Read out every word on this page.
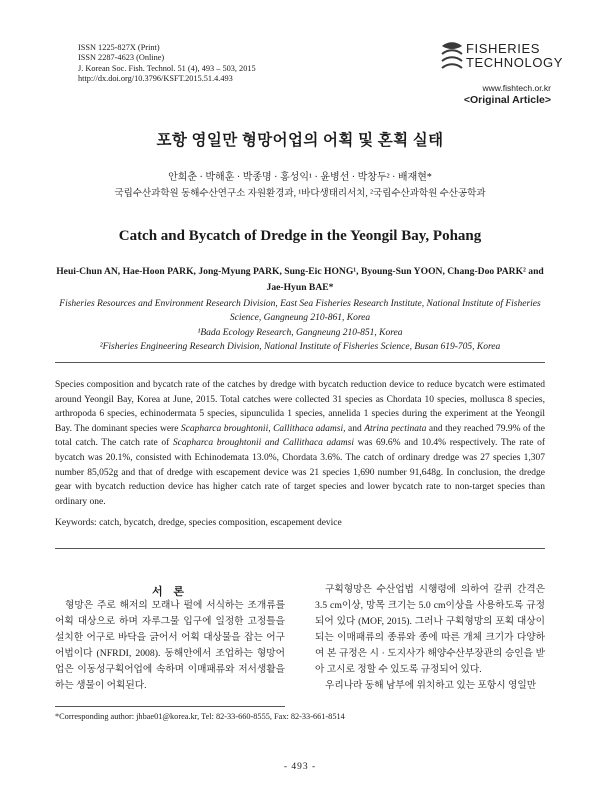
ISSN 1225-827X (Print)
ISSN 2287-4623 (Online)
J. Korean Soc. Fish. Technol. 51 (4), 493 – 503, 2015
http://dx.doi.org/10.3796/KSFT.2015.51.4.493
FISHERIES
TECHNOLOGY
www.fishtech.or.kr
<Original Article>
포항 영일만 형망어업의 어획 및 혼획 실태
안희춘 · 박해훈 · 박종명 · 홍성익¹ · 윤병선 · 박창두² · 배재현*
국립수산과학원 동해수산연구소 자원환경과, ¹바다생태리서치, ²국립수산과학원 수산공학과
Catch and Bycatch of Dredge in the Yeongil Bay, Pohang
Heui-Chun AN, Hae-Hoon PARK, Jong-Myung PARK, Sung-Eic HONG¹, Byoung-Sun YOON, Chang-Doo PARK² and Jae-Hyun BAE*
Fisheries Resources and Environment Research Division, East Sea Fisheries Research Institute, National Institute of Fisheries Science, Gangneung 210-861, Korea
¹Bada Ecology Research, Gangneung 210-851, Korea
²Fisheries Engineering Research Division, National Institute of Fisheries Science, Busan 619-705, Korea
Species composition and bycatch rate of the catches by dredge with bycatch reduction device to reduce bycatch were estimated around Yeongil Bay, Korea at June, 2015. Total catches were collected 31 species as Chordata 10 species, mollusca 8 species, arthropoda 6 species, echinodermata 5 species, sipunculida 1 species, annelida 1 species during the experiment at the Yeongil Bay. The dominant species were Scapharca broughtonii, Callithaca adamsi, and Atrina pectinata and they reached 79.9% of the total catch. The catch rate of Scapharca broughtonii and Callithaca adamsi was 69.6% and 10.4% respectively. The rate of bycatch was 20.1%, consisted with Echinodemata 13.0%, Chordata 3.6%. The catch of ordinary dredge was 27 species 1,307 number 85,052g and that of dredge with escapement device was 21 species 1,690 number 91,648g. In conclusion, the dredge gear with bycatch reduction device has higher catch rate of target species and lower bycatch rate to non-target species than ordinary one.
Keywords: catch, bycatch, dredge, species composition, escapement device
서 론
형망은 주로 해저의 모래나 펄에 서식하는 조개류를 어획 대상으로 하며 자루그물 입구에 일정한 고정틀을 설치한 어구로 바닥을 긁어서 어획 대상물을 잡는 어구어법이다 (NFRDI, 2008). 동해안에서 조업하는 형망어업은 이동성구획어업에 속하며 이매패류와 저서생활을 하는 생물이 어획된다.
구획형망은 수산업법 시행령에 의하여 갈퀴 간격은 3.5 cm이상, 망목 크기는 5.0 cm이상을 사용하도록 규정되어 있다 (MOF, 2015). 그러나 구획형망의 포획 대상이 되는 이매패류의 종류와 종에 따른 개체 크기가 다양하여 본 규정은 시 · 도지사가 해양수산부장관의 승인을 받아 고시로 정할 수 있도록 규정되어 있다.
우리나라 동해 남부에 위치하고 있는 포항시 영일만
*Corresponding author: jhbae01@korea.kr, Tel: 82-33-660-8555, Fax: 82-33-661-8514
- 493 -
